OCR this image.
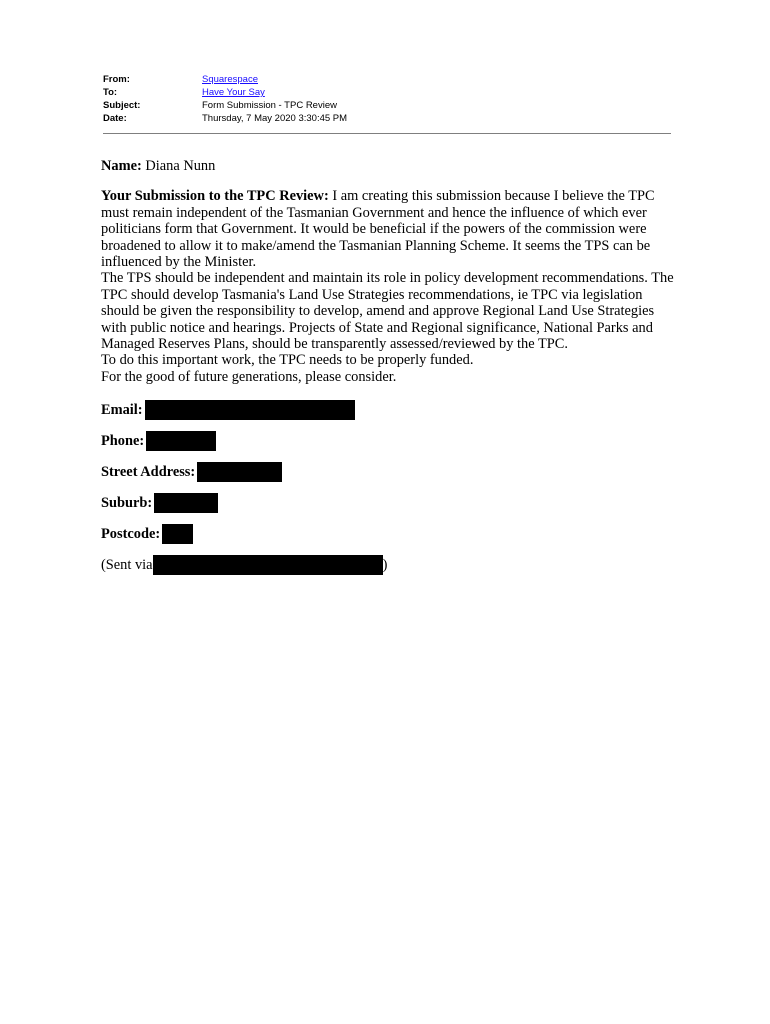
From:	Squarespace
To:	Have Your Say
Subject:	Form Submission - TPC Review
Date:	Thursday, 7 May 2020 3:30:45 PM

Name: Diana Nunn

Your Submission to the TPC Review: I am creating this submission because I believe the TPC must remain independent of the Tasmanian Government and hence the influence of which ever politicians form that Government. It would be beneficial if the powers of the commission were broadened to allow it to make/amend the Tasmanian Planning Scheme. It seems the TPS can be influenced by the Minister.

The TPS should be independent and maintain its role in policy development recommendations. The TPC should develop Tasmania's Land Use Strategies recommendations, ie TPC via legislation should be given the responsibility to develop, amend and approve Regional Land Use Strategies with public notice and hearings. Projects of State and Regional significance, National Parks and Managed Reserves Plans, should be transparently assessed/reviewed by the TPC.

To do this important work, the TPC needs to be properly funded.

For the good of future generations, please consider.

Email:
Phone:
Street Address:
Suburb:
Postcode:
(Sent via	)
